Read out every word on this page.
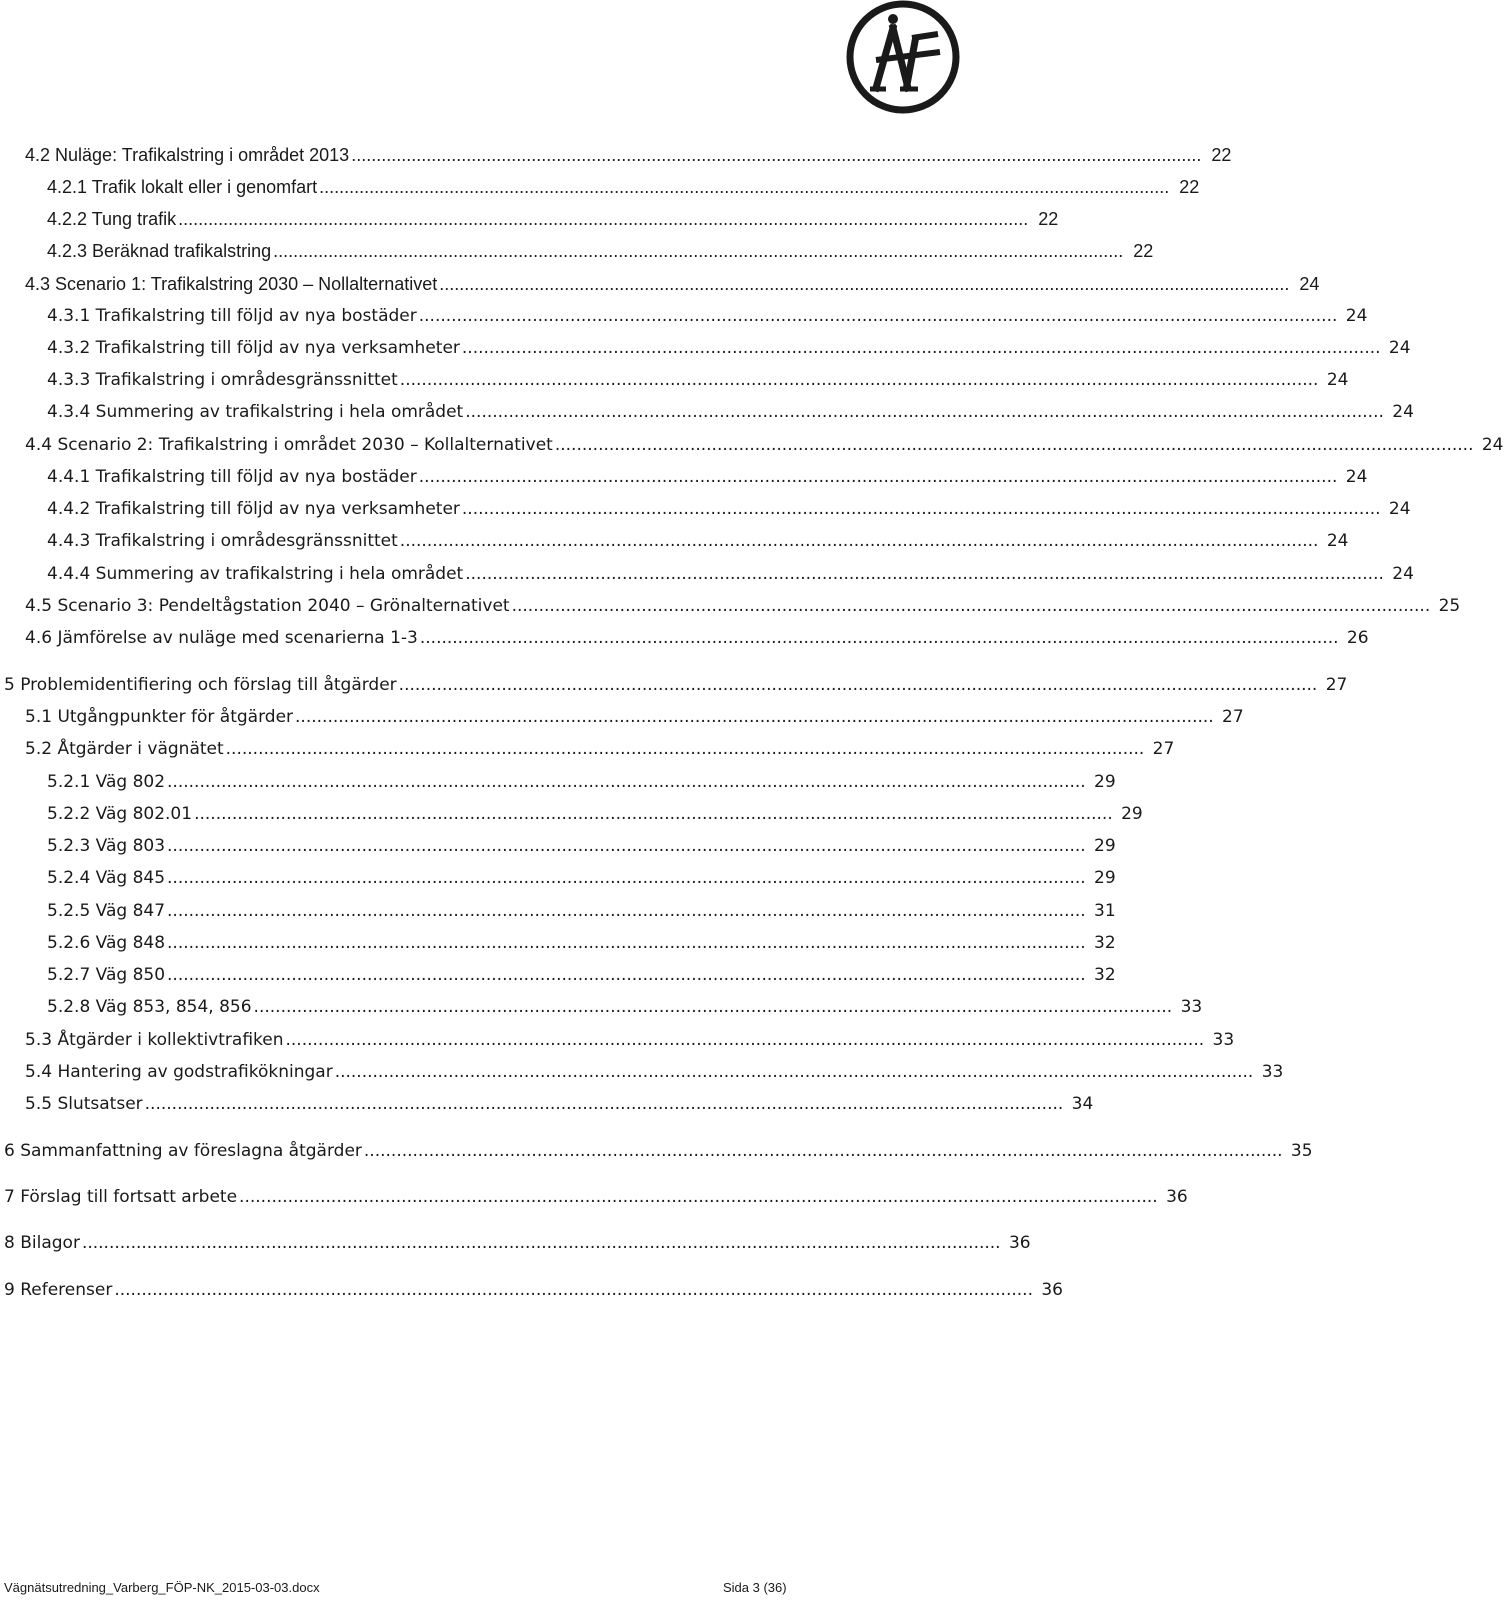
4.2 Nuläge: Trafikalstring i området 2013 .......................................................................................................................................................................... 22
4.2.1 Trafik lokalt eller i genomfart .......................................................................................................................................................................... 22
4.2.2 Tung trafik .......................................................................................................................................................................... 22
4.2.3 Beräknad trafikalstring .......................................................................................................................................................................... 22
4.3 Scenario 1: Trafikalstring 2030 – Nollalternativet .......................................................................................................................................................................... 24
4.3.1 Trafikalstring till följd av nya bostäder .......................................................................................................................................................................... 24
4.3.2 Trafikalstring till följd av nya verksamheter .......................................................................................................................................................................... 24
4.3.3 Trafikalstring i områdesgränssnittet .......................................................................................................................................................................... 24
4.3.4 Summering av trafikalstring i hela området .......................................................................................................................................................................... 24
4.4 Scenario 2: Trafikalstring i området 2030 – Kollalternativet .......................................................................................................................................................................... 24
4.4.1 Trafikalstring till följd av nya bostäder .......................................................................................................................................................................... 24
4.4.2 Trafikalstring till följd av nya verksamheter .......................................................................................................................................................................... 24
4.4.3 Trafikalstring i områdesgränssnittet .......................................................................................................................................................................... 24
4.4.4 Summering av trafikalstring i hela området .......................................................................................................................................................................... 24
4.5 Scenario 3: Pendeltågstation 2040 – Grönalternativet .......................................................................................................................................................................... 25
4.6 Jämförelse av nuläge med scenarierna 1-3 .......................................................................................................................................................................... 26
5 Problemidentifiering och förslag till åtgärder .......................................................................................................................................................................... 27
5.1 Utgångpunkter för åtgärder .......................................................................................................................................................................... 27
5.2 Åtgärder i vägnätet .......................................................................................................................................................................... 27
5.2.1 Väg 802 .......................................................................................................................................................................... 29
5.2.2 Väg 802.01 .......................................................................................................................................................................... 29
5.2.3 Väg 803 .......................................................................................................................................................................... 29
5.2.4 Väg 845 .......................................................................................................................................................................... 29
5.2.5 Väg 847 .......................................................................................................................................................................... 31
5.2.6 Väg 848 .......................................................................................................................................................................... 32
5.2.7 Väg 850 .......................................................................................................................................................................... 32
5.2.8 Väg 853, 854, 856 .......................................................................................................................................................................... 33
5.3 Åtgärder i kollektivtrafiken .......................................................................................................................................................................... 33
5.4 Hantering av godstrafikökningar .......................................................................................................................................................................... 33
5.5 Slutsatser .......................................................................................................................................................................... 34
6 Sammanfattning av föreslagna åtgärder .......................................................................................................................................................................... 35
7 Förslag till fortsatt arbete .......................................................................................................................................................................... 36
8 Bilagor .......................................................................................................................................................................... 36
9 Referenser .......................................................................................................................................................................... 36
Vägnätsutredning_Varberg_FÖP-NK_2015-03-03.docx	Sida 3 (36)
